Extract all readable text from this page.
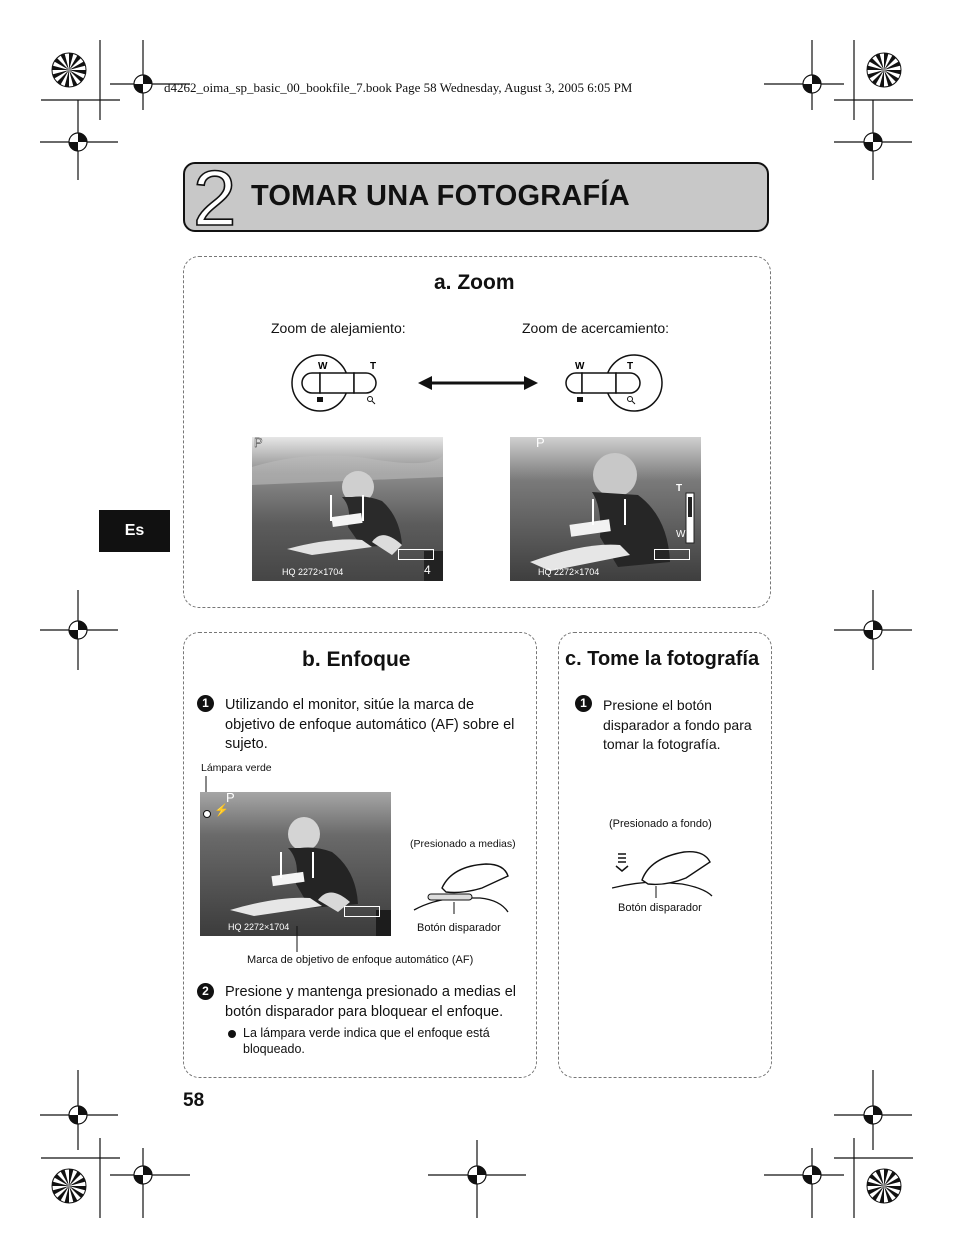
d4262_oima_sp_basic_00_bookfile_7.book Page 58 Wednesday, August 3, 2005 6:05 PM
2 TOMAR UNA FOTOGRAFÍA
Es
a. Zoom
Zoom de alejamiento:	Zoom de acercamiento:
W	T	W	T
P
HQ 2272×1704	4
P
T
W
HQ 2272×1704
b. Enfoque
1	Utilizando el monitor, sitúe la marca de objetivo de enfoque automático (AF) sobre el sujeto.
Lámpara verde
⚡
P
HQ 2272×1704
(Presionado a medias)
Botón disparador
Marca de objetivo de enfoque automático (AF)
2	Presione y mantenga presionado a medias el botón disparador para bloquear el enfoque.
La lámpara verde indica que el enfoque está bloqueado.
c. Tome la fotografía
1	Presione el botón disparador a fondo para tomar la fotografía.
(Presionado a fondo)
Botón disparador
58
